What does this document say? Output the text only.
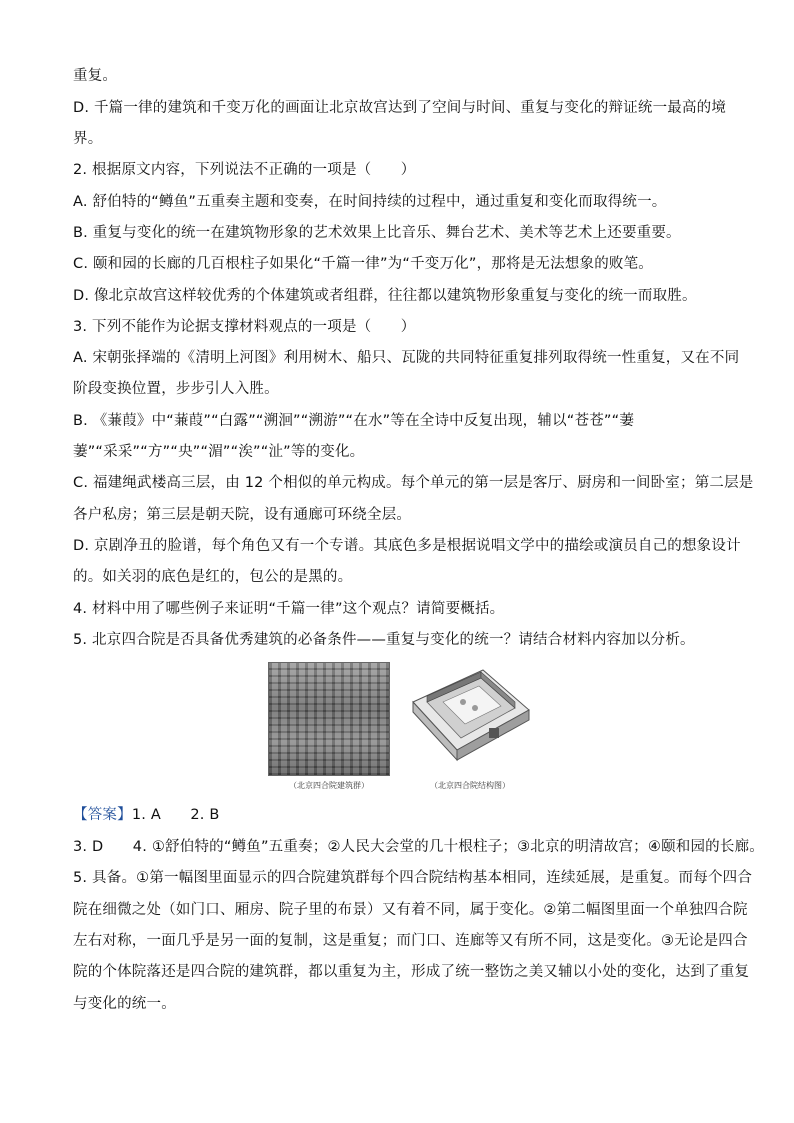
重复。
D. 千篇一律的建筑和千变万化的画面让北京故宫达到了空间与时间、重复与变化的辩证统一最高的境
界。
2. 根据原文内容，下列说法不正确的一项是（　　）
A. 舒伯特的“鳟鱼”五重奏主题和变奏，在时间持续的过程中，通过重复和变化而取得统一。
B. 重复与变化的统一在建筑物形象的艺术效果上比音乐、舞台艺术、美术等艺术上还要重要。
C. 颐和园的长廊的几百根柱子如果化“千篇一律”为“千变万化”，那将是无法想象的败笔。
D. 像北京故宫这样较优秀的个体建筑或者组群，往往都以建筑物形象重复与变化的统一而取胜。
3. 下列不能作为论据支撑材料观点的一项是（　　）
A. 宋朝张择端的《清明上河图》利用树木、船只、瓦陇的共同特征重复排列取得统一性重复，又在不同
阶段变换位置，步步引人入胜。
B. 《蒹葭》中“蒹葭”“白露”“溯洄”“溯游”“在水”等在全诗中反复出现，辅以“苍苍”“萋
萋”“采采”“方”“央”“湄”“涘”“沚”等的变化。
C. 福建绳武楼高三层，由 12 个相似的单元构成。每个单元的第一层是客厅、厨房和一间卧室；第二层是
各户私房；第三层是朝天院，设有通廊可环绕全层。
D. 京剧净丑的脸谱，每个角色又有一个专谱。其底色多是根据说唱文学中的描绘或演员自己的想象设计
的。如关羽的底色是红的，包公的是黑的。
4. 材料中用了哪些例子来证明“千篇一律”这个观点？请简要概括。
5. 北京四合院是否具备优秀建筑的必备条件——重复与变化的统一？请结合材料内容加以分析。
（北京四合院建筑群）	（北京四合院结构图）
【答案】1. A　　2. B
3. D　　4. ①舒伯特的“鳟鱼”五重奏；②人民大会堂的几十根柱子；③北京的明清故宫；④颐和园的长廊。
5. 具备。①第一幅图里面显示的四合院建筑群每个四合院结构基本相同，连续延展，是重复。而每个四合
院在细微之处（如门口、厢房、院子里的布景）又有着不同，属于变化。②第二幅图里面一个单独四合院
左右对称，一面几乎是另一面的复制，这是重复；而门口、连廊等又有所不同，这是变化。③无论是四合
院的个体院落还是四合院的建筑群，都以重复为主，形成了统一整饬之美又辅以小处的变化，达到了重复
与变化的统一。
